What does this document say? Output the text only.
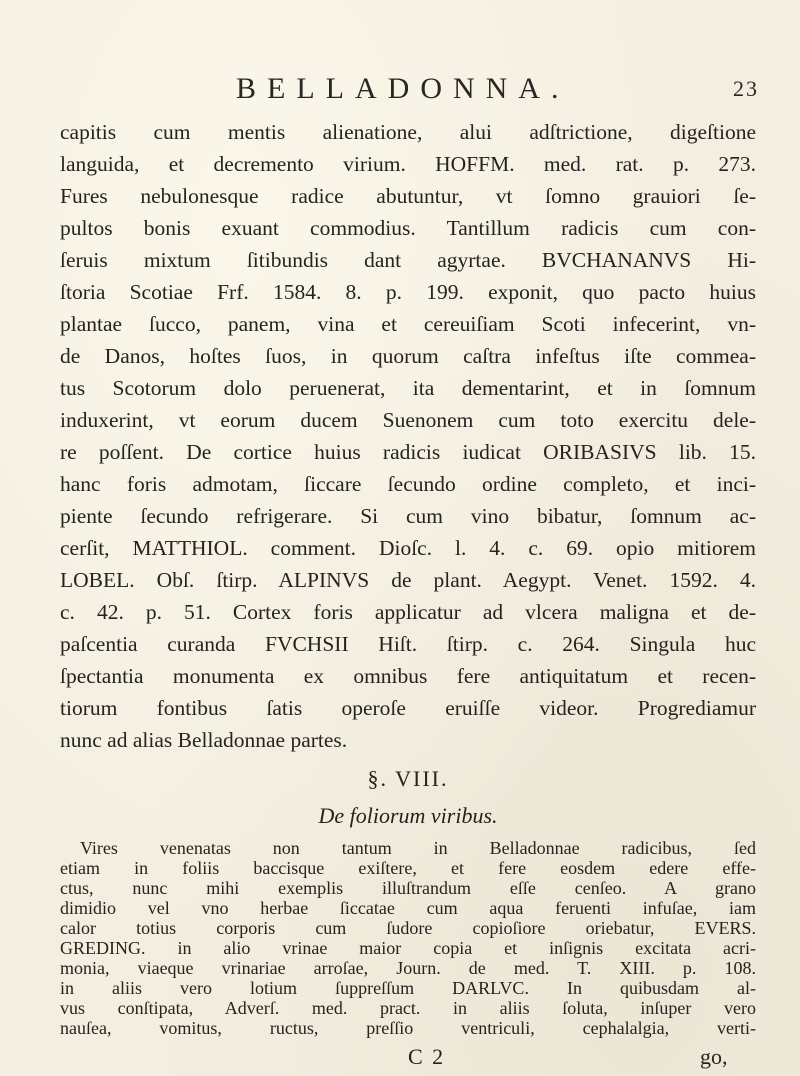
BELLADONNA.	23
capitis cum mentis alienatione, alui adſtrictione, digeſtione
languida, et decremento virium. HOFFM. med. rat. p. 273.
Fures nebulonesque radice abutuntur, vt ſomno grauiori ſe-
pultos bonis exuant commodius. Tantillum radicis cum con-
ſeruis mixtum ſitibundis dant agyrtae. BVCHANANVS Hi-
ſtoria Scotiae Frf. 1584. 8. p. 199. exponit, quo pacto huius
plantae ſucco, panem, vina et cereuiſiam Scoti infecerint, vn-
de Danos, hoſtes ſuos, in quorum caſtra infeſtus iſte commea-
tus Scotorum dolo peruenerat, ita dementarint, et in ſomnum
induxerint, vt eorum ducem Suenonem cum toto exercitu dele-
re poſſent. De cortice huius radicis iudicat ORIBASIVS lib. 15.
hanc foris admotam, ſiccare ſecundo ordine completo, et inci-
piente ſecundo refrigerare. Si cum vino bibatur, ſomnum ac-
cerſit, MATTHIOL. comment. Dioſc. l. 4. c. 69. opio mitiorem
LOBEL. Obſ. ſtirp. ALPINVS de plant. Aegypt. Venet. 1592. 4.
c. 42. p. 51. Cortex foris applicatur ad vlcera maligna et de-
paſcentia curanda FVCHSII Hiſt. ſtirp. c. 264. Singula huc
ſpectantia monumenta ex omnibus fere antiquitatum et recen-
tiorum fontibus ſatis operoſe eruiſſe videor. Progrediamur
nunc ad alias Belladonnae partes.
§. VIII.
De foliorum viribus.
Vires venenatas non tantum in Belladonnae radicibus, ſed
etiam in foliis baccisque exiſtere, et fere eosdem edere effe-
ctus, nunc mihi exemplis illuſtrandum eſſe cenſeo. A grano
dimidio vel vno herbae ſiccatae cum aqua feruenti infuſae, iam
calor totius corporis cum ſudore copioſiore oriebatur, EVERS.
GREDING. in alio vrinae maior copia et inſignis excitata acri-
monia, viaeque vrinariae arroſae, Journ. de med. T. XIII. p. 108.
in aliis vero lotium ſuppreſſum DARLVC. In quibusdam al-
vus conſtipata, Adverſ. med. pract. in aliis ſoluta, inſuper vero
nauſea, vomitus, ructus, preſſio ventriculi, cephalalgia, verti-
C 2	go,
